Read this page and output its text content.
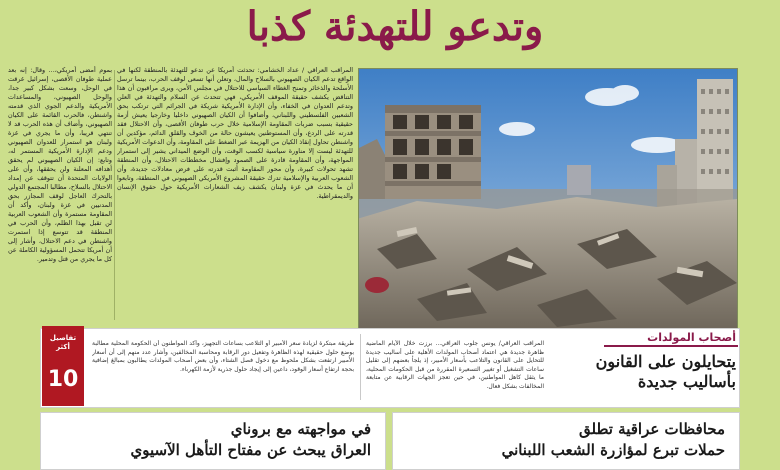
وتدعو للتهدئة كذبا
بموم أمضى أمريكي،... وقال: إنه بعد عملية طوفان الأقصى، إسرائيل غرقت في الوحل، وسعت بشكل كبير جدا، والوحل الصهيوني، والمساعدات الأمريكية والدعم الجوي الذي قدمته واشنطن، فالحرب القائمة على الكيان الصهيوني، وأضاف أن هذه الحرب قد لا تنتهي قريبا، وأن ما يجري في غزة ولبنان هو استمرار للعدوان الصهيوني ودعم الإدارة الأمريكية المستمر له، وتابع: إن الكيان الصهيوني لم يحقق أهدافه المعلنة ولن يحققها، وأن على الولايات المتحدة أن تتوقف عن إمداد الاحتلال بالسلاح، مطالبا المجتمع الدولي بالتحرك العاجل لوقف المجازر بحق المدنيين في غزة ولبنان، وأكد أن المقاومة مستمرة وأن الشعوب العربية لن تقبل بهذا الظلم، وأن الحرب في المنطقة قد تتوسع إذا استمرت واشنطن في دعم الاحتلال، وأشار إلى أن أمريكا تتحمل المسؤولية الكاملة عن كل ما يجري من قتل وتدمير.
المراقب العراقي / عداد الخشامي: تحدثت أمريكا عن تدعو للتهدئة بالمنطقة لكنها في الواقع تدعم الكيان الصهيوني بالسلاح والمال، وتعلن أنها تسعى لوقف الحرب، بينما ترسل الأسلحة والذخائر وتمنح الغطاء السياسي للاحتلال في مجلس الأمن، ويرى مراقبون أن هذا التناقض يكشف حقيقة الموقف الأمريكي، فهي تتحدث عن السلام والتهدئة في العلن وتدعم العدوان في الخفاء، وأن الإدارة الأمريكية شريكة في الجرائم التي ترتكب بحق الشعبين الفلسطيني واللبناني، وأضافوا أن الكيان الصهيوني داخليا وخارجيا يعيش أزمة حقيقية بسبب ضربات المقاومة الإسلامية خلال حرب طوفان الأقصى، وأن الاحتلال فقد قدرته على الردع، وأن المستوطنين يعيشون حالة من الخوف والقلق الدائم، مؤكدين أن واشنطن تحاول إنقاذ الكيان من الهزيمة عبر الضغط على المقاومة، وأن الدعوات الأمريكية للتهدئة ليست إلا مناورة سياسية لكسب الوقت، وأن الوضع الميداني يشير إلى استمرار المواجهة، وأن المقاومة قادرة على الصمود وإفشال مخططات الاحتلال، وأن المنطقة تشهد تحولات كبيرة، وأن محور المقاومة أثبت قدرته على فرض معادلات جديدة، وأن الشعوب العربية والإسلامية تدرك حقيقة المشروع الأمريكي الصهيوني في المنطقة، وتابعوا أن ما يحدث في غزة ولبنان يكشف زيف الشعارات الأمريكية حول حقوق الإنسان والديمقراطية.
المراقب العراقي/ يونس جلوب العراقي... برزت خلال الأيام الماضية ظاهرة جديدة هي اعتماد أصحاب المولدات الأهلية على أساليب جديدة للتحايل على القانون والتلاعب بأسعار الأمبير، إذ يلجأ بعضهم إلى تقليل ساعات التشغيل أو تغيير التسعيرة المقررة من قبل الحكومات المحلية، ما يثقل كاهل المواطنين، في حين تعجز الجهات الرقابية عن متابعة المخالفات بشكل فعال.
طريقة مبتكرة لزيادة سعر الأمبير أو التلاعب بساعات التجهيز، وأكد المواطنون أن الحكومة المحلية مطالبة بوضع حلول حقيقية لهذه الظاهرة وتفعيل دور الرقابة ومحاسبة المخالفين، وأشار عدد منهم إلى أن أسعار الأمبير ارتفعت بشكل ملحوظ مع دخول فصل الشتاء، وأن بعض أصحاب المولدات يطالبون بمبالغ إضافية بحجة ارتفاع أسعار الوقود، داعين إلى إيجاد حلول جذرية لأزمة الكهرباء.
أصحاب المولدات
يتحايلون على القانون
بأساليب جديدة
تفاصيل أكثر
10
محافظات عراقية تطلق
حملات تبرع لمؤازرة الشعب اللبناني
في مواجهته مع بروناي
العراق يبحث عن مفتاح التأهل الآسيوي
